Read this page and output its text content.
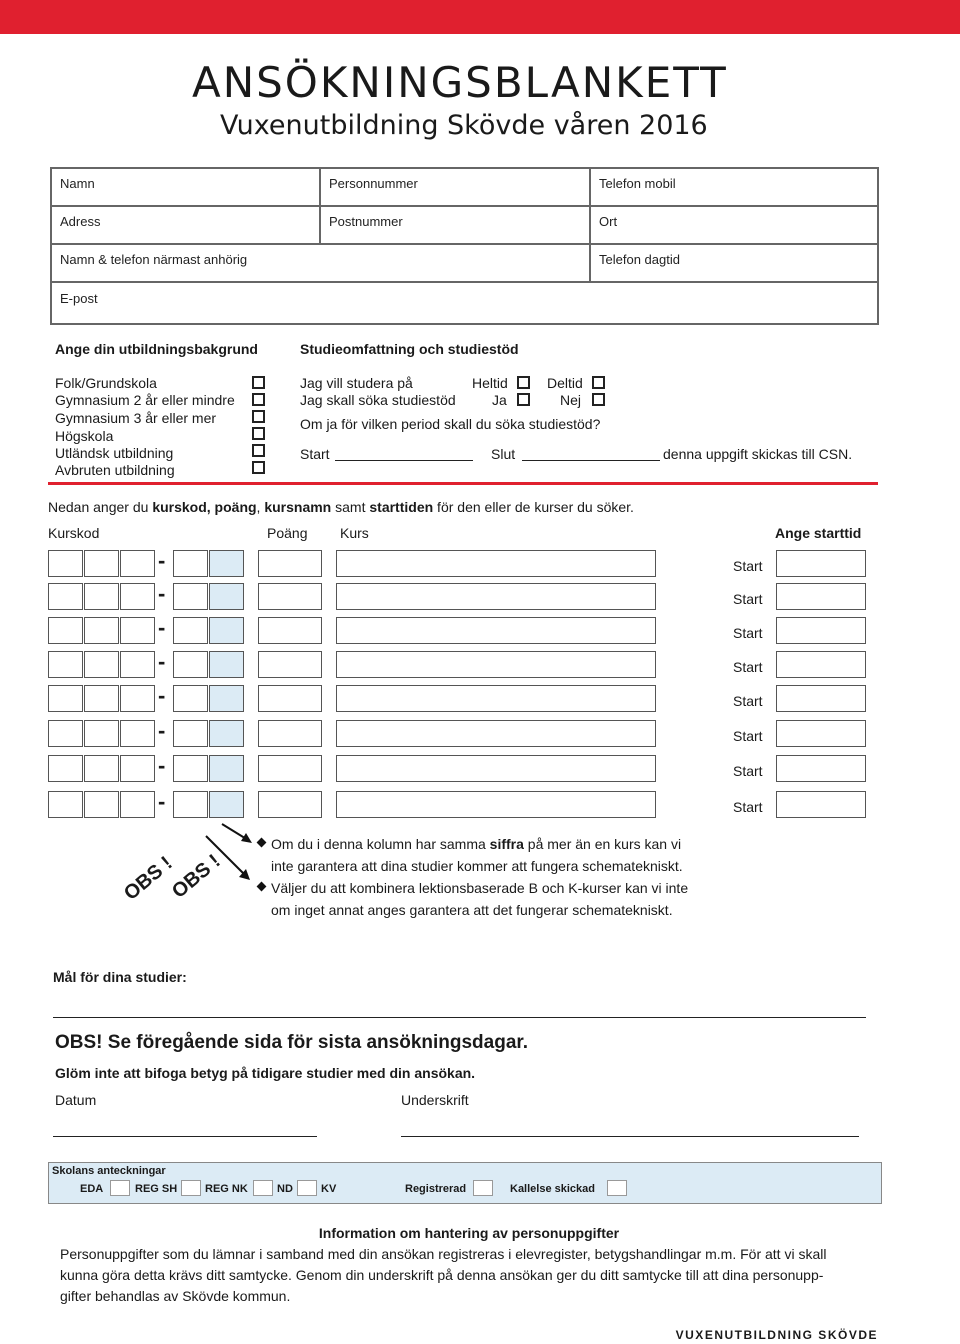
ANSÖKNINGSBLANKETT
Vuxenutbildning Skövde våren 2016
Namn	Personnummer	Telefon mobil
Adress	Postnummer	Ort
Namn & telefon närmast anhörig	Telefon dagtid
E-post
Ange din utbildningsbakgrund
Folk/Grundskola
Gymnasium 2 år eller mindre
Gymnasium 3 år eller mer
Högskola
Utländsk utbildning
Avbruten utbildning
Studieomfattning och studiestöd
Jag vill studera på	Heltid	Deltid
Jag skall söka studiestöd	Ja	Nej
Om ja för vilken period skall du söka studiestöd?
Start	Slut	denna uppgift skickas till CSN.
Nedan anger du kurskod, poäng, kursnamn samt starttiden för den eller de kurser du söker.
Kurskod	Poäng Kurs	Ange starttid
-	Start
-	Start
-	Start
-	Start
-	Start
-	Start
-	Start
-	Start
OBS !
OBS !
Om du i denna kolumn har samma siffra på mer än en kurs kan vi
inte garantera att dina studier kommer att fungera schematekniskt.
Väljer du att kombinera lektionsbaserade B och K-kurser kan vi inte
om inget annat anges garantera att det fungerar schematekniskt.
Mål för dina studier:
OBS! Se föregående sida för sista ansökningsdagar.
Glöm inte att bifoga betyg på tidigare studier med din ansökan.
Datum	Underskrift
Skolans anteckningar
EDA	REG SH	REG NK	ND	KV	Registrerad	Kallelse skickad
Information om hantering av personuppgifter
Personuppgifter som du lämnar i samband med din ansökan registreras i elevregister, betygshandlingar m.m. För att vi skall
kunna göra detta krävs ditt samtycke. Genom din underskrift på denna ansökan ger du ditt samtycke till att dina personupp-
gifter behandlas av Skövde kommun.
VUXENUTBILDNING SKÖVDE
